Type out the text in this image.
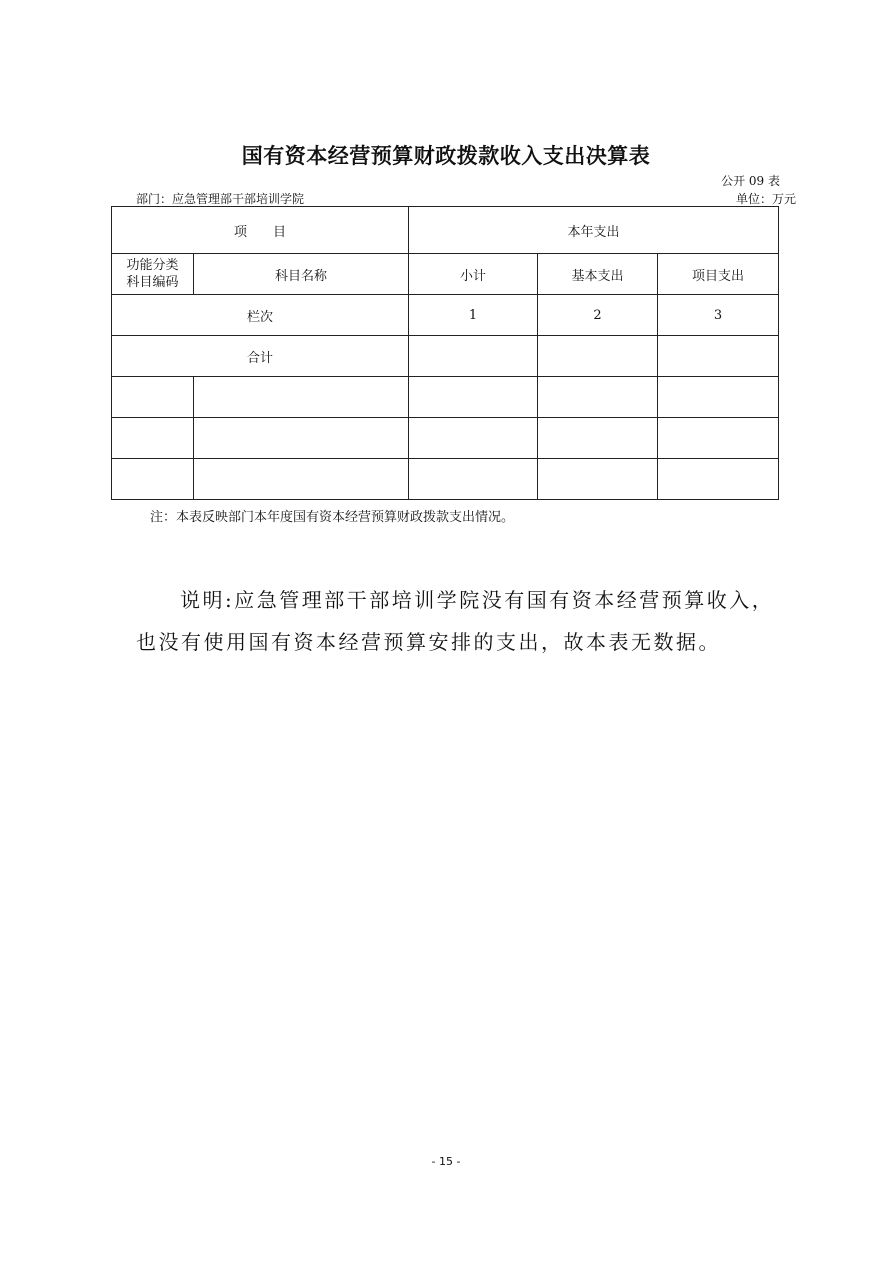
国有资本经营预算财政拨款收入支出决算表
公开 09 表
部门：应急管理部干部培训学院	单位：万元
项　　目		本年支出		

功能分类
科目编码	科目名称	小计	基本支出	项目支出
栏次		1	2	3
合计				

注：本表反映部门本年度国有资本经营预算财政拨款支出情况。
说明:应急管理部干部培训学院没有国有资本经营预算收入，
也没有使用国有资本经营预算安排的支出，故本表无数据。
- 15 -
